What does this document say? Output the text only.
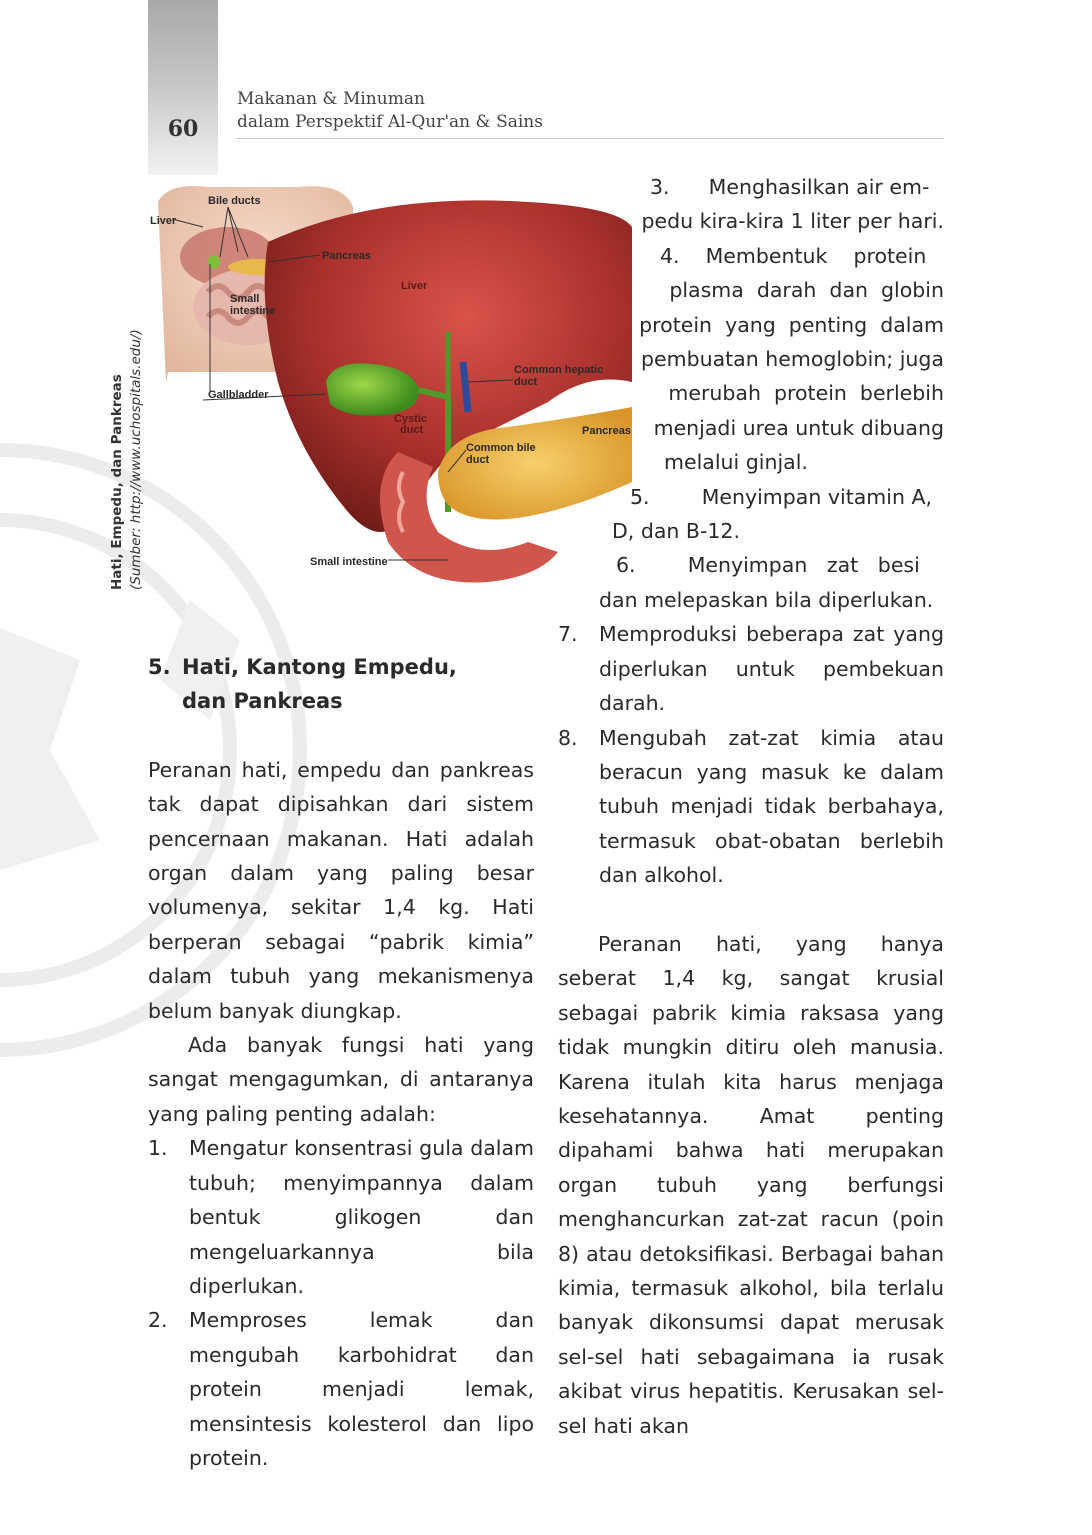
60
Makanan & Minuman
dalam Perspektif Al-Qur'an & Sains
Hati, Empedu, dan Pankreas (Sumber: http://www.uchospitals.edu/)
Bile ducts
Liver
Pancreas
Small
intestine
Gallbladder
Liver
Common hepatic
duct
Cystic
duct	Pancreas
Common bile
duct
Small intestine
5. Hati, Kantong Empedu,
dan Pankreas

Peranan hati, empedu dan pankreas tak dapat dipisahkan dari sistem pencernaan makanan. Hati adalah organ dalam yang paling besar volumenya, sekitar 1,4 kg. Hati berperan sebagai “pabrik kimia” dalam tubuh yang mekanismenya belum banyak diungkap.

Ada banyak fungsi hati yang sangat mengagumkan, di antaranya yang paling penting adalah:

1.	Mengatur konsentrasi gula dalam tubuh; menyimpannya dalam bentuk glikogen dan mengeluarkannya bila diperlukan.
2.	Memproses lemak dan mengubah karbohidrat dan protein menjadi lemak, mensintesis kolesterol dan lipo protein.
3.      Menghasilkan air em-
pedu kira-kira 1 liter per hari.
4.    Membentuk    protein
plasma  darah  dan  globin
protein  yang  penting  dalam
pembuatan hemoglobin; juga
merubah  protein  berlebih
menjadi urea untuk dibuang
melalui ginjal.
5.        Menyimpan vitamin A,
D, dan B-12.
6.        Menyimpan   zat   besi
dan melepaskan bila diperlukan.
7.	Memproduksi beberapa zat yang diperlukan untuk pembekuan darah.
8.	Mengubah zat-zat kimia atau beracun yang masuk ke dalam tubuh menjadi tidak berbahaya, termasuk obat-obatan berlebih dan alkohol.

Peranan hati, yang hanya seberat 1,4 kg, sangat krusial sebagai pabrik kimia raksasa yang tidak mungkin ditiru oleh manusia. Karena itulah kita harus menjaga kesehatannya. Amat penting dipahami bahwa hati merupakan organ tubuh yang berfungsi menghancurkan zat-zat racun (poin 8) atau detoksifikasi. Berbagai bahan kimia, termasuk alkohol, bila terlalu banyak dikonsumsi dapat merusak sel-sel hati sebagaimana ia rusak akibat virus hepatitis. Kerusakan sel-sel hati akan
